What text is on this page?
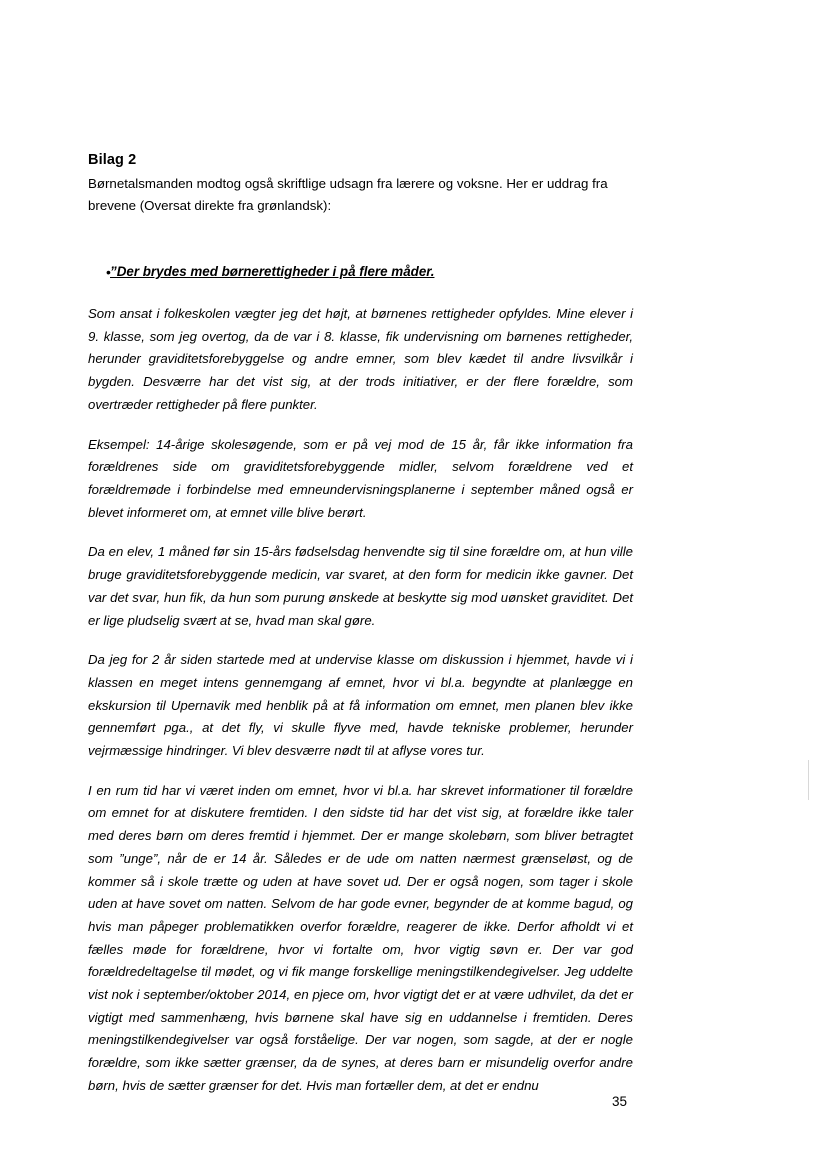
Bilag 2

Børnetalsmanden modtog også skriftlige udsagn fra lærere og voksne. Her er uddrag fra brevene (Oversat direkte fra grønlandsk):

• ”Der brydes med børnerettigheder i på flere måder.

Som ansat i folkeskolen vægter jeg det højt, at børnenes rettigheder opfyldes. Mine elever i 9. klasse, som jeg overtog, da de var i 8. klasse, fik undervisning om børnenes rettigheder, herunder graviditetsforebyggelse og andre emner, som blev kædet til andre livsvilkår i bygden. Desværre har det vist sig, at der trods initiativer, er der flere forældre, som overtræder rettigheder på flere punkter.

Eksempel: 14-årige skolesøgende, som er på vej mod de 15 år, får ikke information fra forældrenes side om graviditetsforebyggende midler, selvom forældrene ved et forældremøde i forbindelse med emneundervisningsplanerne i september måned også er blevet informeret om, at emnet ville blive berørt.

Da en elev, 1 måned før sin 15-års fødselsdag henvendte sig til sine forældre om, at hun ville bruge graviditetsforebyggende medicin, var svaret, at den form for medicin ikke gavner. Det var det svar, hun fik, da hun som purung ønskede at beskytte sig mod uønsket graviditet. Det er lige pludselig svært at se, hvad man skal gøre.

Da jeg for 2 år siden startede med at undervise klasse om diskussion i hjemmet, havde vi i klassen en meget intens gennemgang af emnet, hvor vi bl.a. begyndte at planlægge en ekskursion til Upernavik med henblik på at få information om emnet, men planen blev ikke gennemført pga., at det fly, vi skulle flyve med, havde tekniske problemer, herunder vejrmæssige hindringer. Vi blev desværre nødt til at aflyse vores tur.

I en rum tid har vi været inden om emnet, hvor vi bl.a. har skrevet informationer til forældre om emnet for at diskutere fremtiden. I den sidste tid har det vist sig, at forældre ikke taler med deres børn om deres fremtid i hjemmet. Der er mange skolebørn, som bliver betragtet som ”unge”, når de er 14 år. Således er de ude om natten nærmest grænseløst, og de kommer så i skole trætte og uden at have sovet ud. Der er også nogen, som tager i skole uden at have sovet om natten. Selvom de har gode evner, begynder de at komme bagud, og hvis man påpeger problematikken overfor forældre, reagerer de ikke. Derfor afholdt vi et fælles møde for forældrene, hvor vi fortalte om, hvor vigtig søvn er. Der var god forældredeltagelse til mødet, og vi fik mange forskellige meningstilkendegivelser. Jeg uddelte vist nok i september/oktober 2014, en pjece om, hvor vigtigt det er at være udhvilet, da det er vigtigt med sammenhæng, hvis børnene skal have sig en uddannelse i fremtiden. Deres meningstilkendegivelser var også forståelige. Der var nogen, som sagde, at der er nogle forældre, som ikke sætter grænser, da de synes, at deres barn er misundelig overfor andre børn, hvis de sætter grænser for det. Hvis man fortæller dem, at det er endnu

35
